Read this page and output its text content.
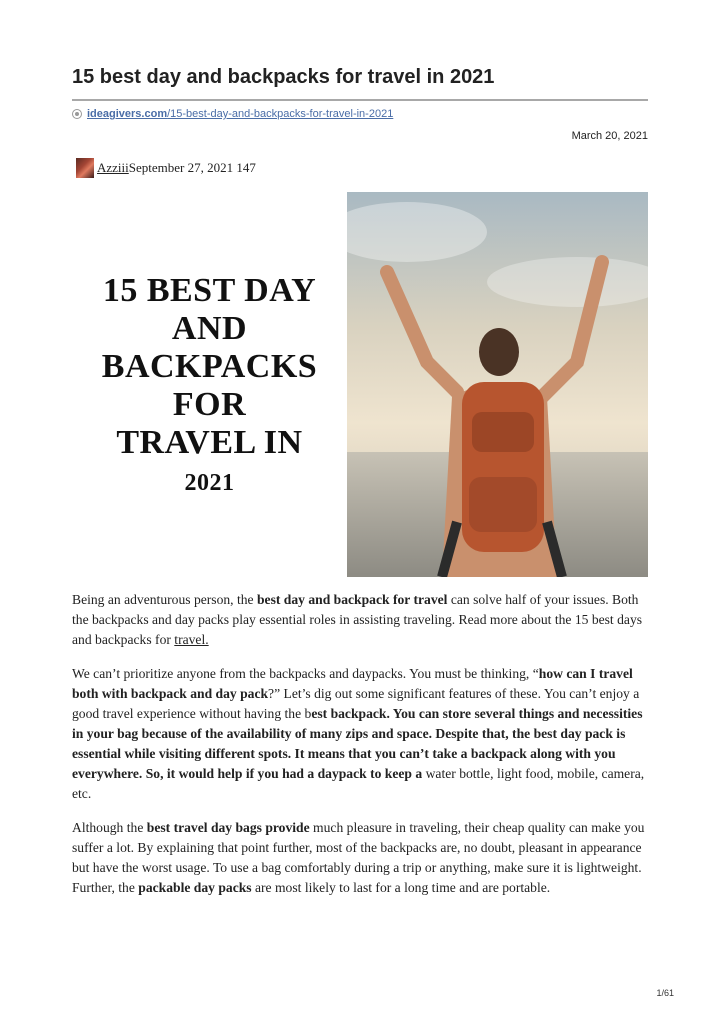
15 best day and backpacks for travel in 2021
ideagivers.com/15-best-day-and-backpacks-for-travel-in-2021
March 20, 2021
Azziii September 27, 2021 147
15 BEST DAY
AND
BACKPACKS
FOR
TRAVEL IN
2021

Being an adventurous person, the best day and backpack for travel can solve half of your issues. Both the backpacks and day packs play essential roles in assisting traveling. Read more about the 15 best days and backpacks for travel.

We can’t prioritize anyone from the backpacks and daypacks. You must be thinking, “how can I travel both with backpack and day pack?” Let’s dig out some significant features of these. You can’t enjoy a good travel experience without having the best backpack. You can store several things and necessities in your bag because of the availability of many zips and space. Despite that, the best day pack is essential while visiting different spots. It means that you can’t take a backpack along with you everywhere. So, it would help if you had a daypack to keep a water bottle, light food, mobile, camera, etc.

Although the best travel day bags provide much pleasure in traveling, their cheap quality can make you suffer a lot. By explaining that point further, most of the backpacks are, no doubt, pleasant in appearance but have the worst usage. To use a bag comfortably during a trip or anything, make sure it is lightweight. Further, the packable day packs are most likely to last for a long time and are portable.

1/61
